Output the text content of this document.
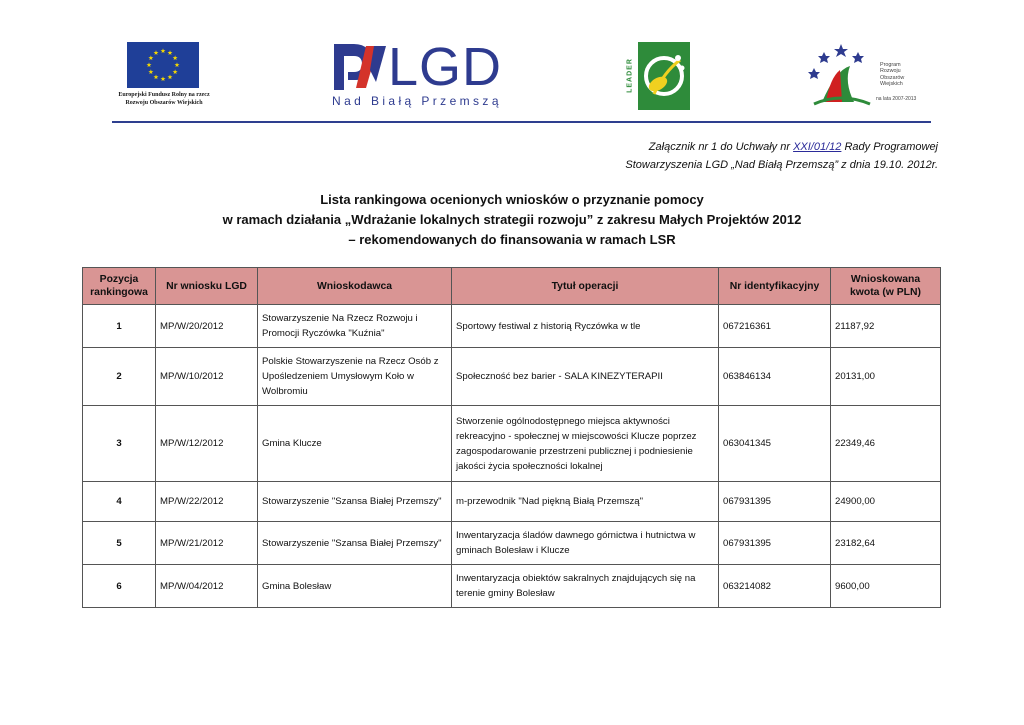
Europejski Fundusz Rolny na rzecz
Rozwoju Obszarów Wiejskich
LGD
Nad Białą Przemszą
LEADER	Program
Rozwoju
Obszarów
Wiejskich
na lata 2007-2013
Załącznik nr 1 do Uchwały nr XXI/01/12 Rady Programowej
Stowarzyszenia LGD „Nad Białą Przemszą” z dnia 19.10. 2012r.
Lista rankingowa ocenionych wniosków o przyznanie pomocy
w ramach działania „Wdrażanie lokalnych strategii rozwoju” z zakresu Małych Projektów 2012
– rekomendowanych do finansowania w ramach LSR
Pozycja rankingowa	Nr wniosku LGD	Wnioskodawca	Tytuł operacji	Nr identyfikacyjny	Wnioskowana kwota (w PLN)
1	MP/W/20/2012	Stowarzyszenie Na Rzecz Rozwoju i Promocji Ryczówka "Kuźnia"	Sportowy festiwal z historią Ryczówka w tle	067216361	21187,92
2	MP/W/10/2012	Polskie Stowarzyszenie na Rzecz Osób z Upośledzeniem Umysłowym Koło w Wolbromiu	Społeczność bez barier - SALA KINEZYTERAPII	063846134	20131,00
3	MP/W/12/2012	Gmina Klucze	Stworzenie ogólnodostępnego miejsca aktywności rekreacyjno - społecznej w miejscowości Klucze poprzez zagospodarowanie przestrzeni publicznej i podniesienie jakości życia społeczności lokalnej	063041345	22349,46
4	MP/W/22/2012	Stowarzyszenie "Szansa Białej Przemszy"	m-przewodnik "Nad piękną Białą Przemszą"	067931395	24900,00
5	MP/W/21/2012	Stowarzyszenie "Szansa Białej Przemszy"	Inwentaryzacja śladów dawnego górnictwa i hutnictwa w gminach Bolesław i Klucze	067931395	23182,64
6	MP/W/04/2012	Gmina Bolesław	Inwentaryzacja obiektów sakralnych znajdujących się na terenie gminy Bolesław	063214082	9600,00
